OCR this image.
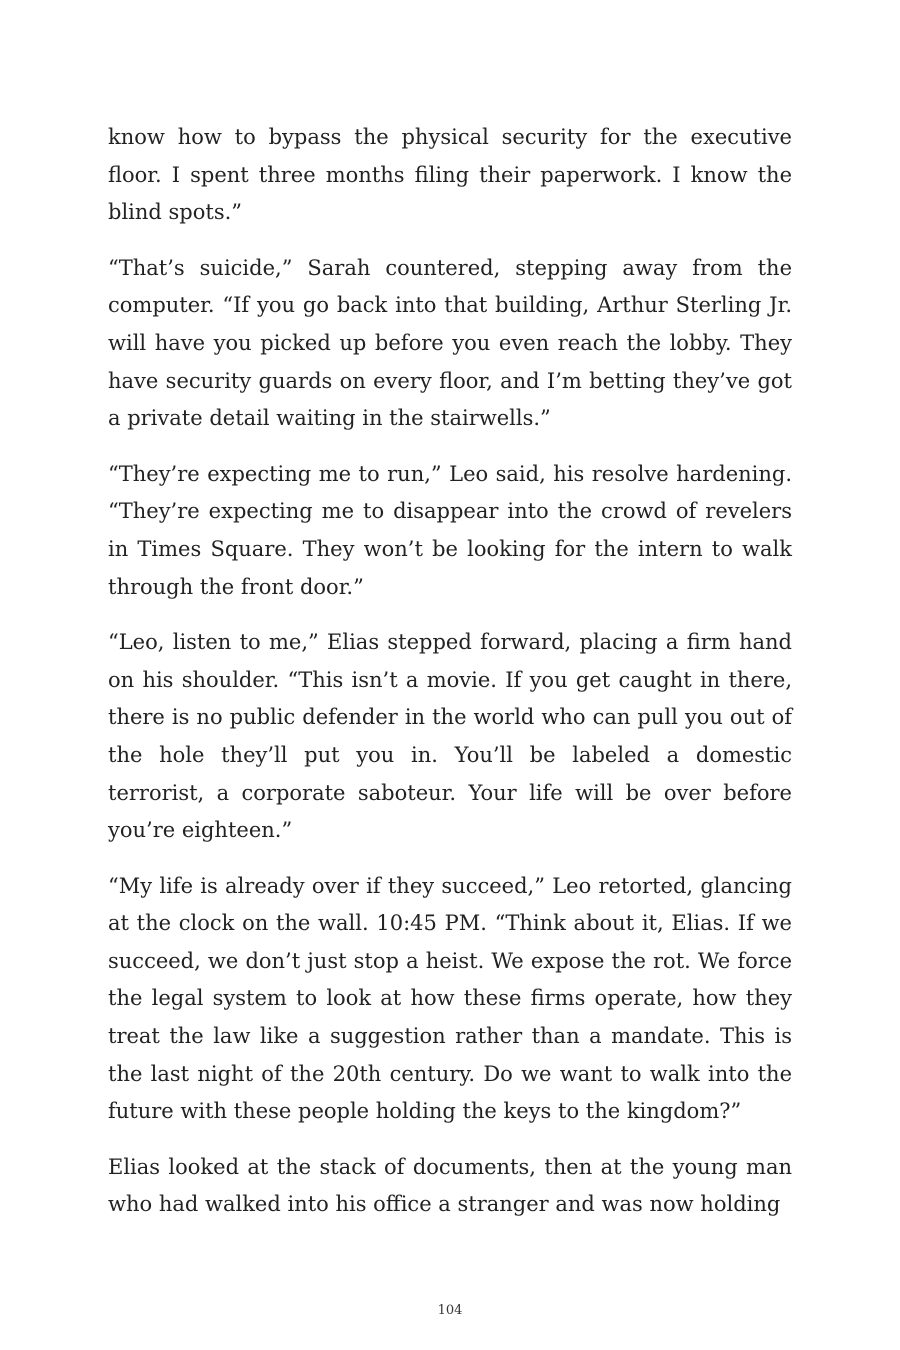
know how to bypass the physical security for the executive floor. I spent three months filing their paperwork. I know the blind spots.”

“That’s suicide,” Sarah countered, stepping away from the computer. “If you go back into that building, Arthur Sterling Jr. will have you picked up before you even reach the lobby. They have security guards on every floor, and I’m betting they’ve got a private detail waiting in the stairwells.”

“They’re expecting me to run,” Leo said, his resolve hardening. “They’re expecting me to disappear into the crowd of revelers in Times Square. They won’t be looking for the intern to walk through the front door.”

“Leo, listen to me,” Elias stepped forward, placing a firm hand on his shoulder. “This isn’t a movie. If you get caught in there, there is no public defender in the world who can pull you out of the hole they’ll put you in. You’ll be labeled a domestic terrorist, a corporate saboteur. Your life will be over before you’re eighteen.”

“My life is already over if they succeed,” Leo retorted, glancing at the clock on the wall. 10:45 PM. “Think about it, Elias. If we succeed, we don’t just stop a heist. We expose the rot. We force the legal system to look at how these firms operate, how they treat the law like a suggestion rather than a mandate. This is the last night of the 20th century. Do we want to walk into the future with these people holding the keys to the kingdom?”

Elias looked at the stack of documents, then at the young man who had walked into his office a stranger and was now holding

104
